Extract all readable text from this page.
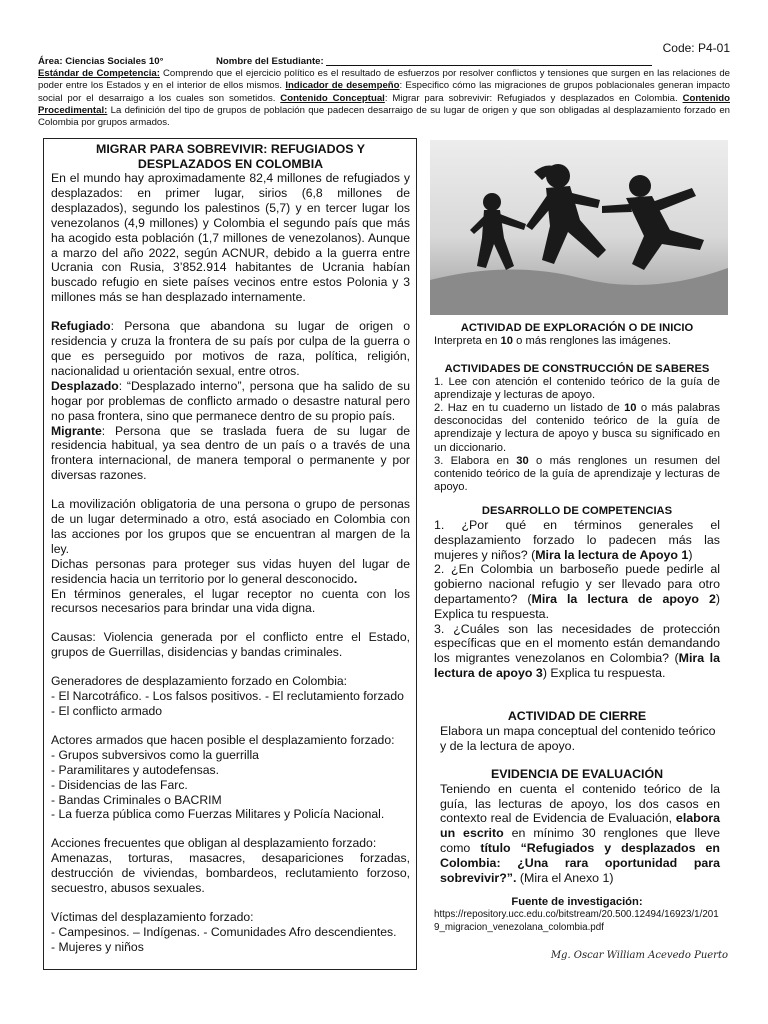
Code: P4-01
Área: Ciencias Sociales 10°	Nombre del Estudiante:
Estándar de Competencia: Comprendo que el ejercicio político es el resultado de esfuerzos por resolver conflictos y tensiones que surgen en las relaciones de poder entre los Estados y en el interior de ellos mismos. Indicador de desempeño: Especifico cómo las migraciones de grupos poblacionales generan impacto social por el desarraigo a los cuales son sometidos. Contenido Conceptual: Migrar para sobrevivir: Refugiados y desplazados en Colombia. Contenido Procedimental: La definición del tipo de grupos de población que padecen desarraigo de su lugar de origen y que son obligadas al desplazamiento forzado en Colombia por grupos armados.
MIGRAR PARA SOBREVIVIR: REFUGIADOS Y DESPLAZADOS EN COLOMBIA

En el mundo hay aproximadamente 82,4 millones de refugiados y desplazados: en primer lugar, sirios (6,8 millones de desplazados), segundo los palestinos (5,7) y en tercer lugar los venezolanos (4,9 millones) y Colombia el segundo país que más ha acogido esta población (1,7 millones de venezolanos). Aunque a marzo del año 2022, según ACNUR, debido a la guerra entre Ucrania con Rusia, 3’852.914 habitantes de Ucrania habían buscado refugio en siete países vecinos entre estos Polonia y 3 millones más se han desplazado internamente.

Refugiado: Persona que abandona su lugar de origen o residencia y cruza la frontera de su país por culpa de la guerra o que es perseguido por motivos de raza, política, religión, nacionalidad u orientación sexual, entre otros.

Desplazado: “Desplazado interno”, persona que ha salido de su hogar por problemas de conflicto armado o desastre natural pero no pasa frontera, sino que permanece dentro de su propio país.

Migrante: Persona que se traslada fuera de su lugar de residencia habitual, ya sea dentro de un país o a través de una frontera internacional, de manera temporal o permanente y por diversas razones.

La movilización obligatoria de una persona o grupo de personas de un lugar determinado a otro, está asociado en Colombia con las acciones por los grupos que se encuentran al margen de la ley.

Dichas personas para proteger sus vidas huyen del lugar de residencia hacia un territorio por lo general desconocido.

En términos generales, el lugar receptor no cuenta con los recursos necesarios para brindar una vida digna.

Causas: Violencia generada por el conflicto entre el Estado, grupos de Guerrillas, disidencias y bandas criminales.

Generadores de desplazamiento forzado en Colombia:

- El Narcotráfico. - Los falsos positivos. - El reclutamiento forzado

- El conflicto armado

Actores armados que hacen posible el desplazamiento forzado:

- Grupos subversivos como la guerrilla

- Paramilitares y autodefensas.

- Disidencias de las Farc.

- Bandas Criminales o BACRIM

- La fuerza pública como Fuerzas Militares y Policía Nacional.

Acciones frecuentes que obligan al desplazamiento forzado:

Amenazas, torturas, masacres, desapariciones forzadas, destrucción de viviendas, bombardeos, reclutamiento forzoso, secuestro, abusos sexuales.

Víctimas del desplazamiento forzado:

- Campesinos. – Indígenas. - Comunidades Afro descendientes.

- Mujeres y niños

ACTIVIDAD DE EXPLORACIÓN O DE INICIO

Interpreta en 10 o más renglones las imágenes.

ACTIVIDADES DE CONSTRUCCIÓN DE SABERES

1. Lee con atención el contenido teórico de la guía de aprendizaje y lecturas de apoyo.

2. Haz en tu cuaderno un listado de 10 o más palabras desconocidas del contenido teórico de la guía de aprendizaje y lectura de apoyo y busca su significado en un diccionario.

3. Elabora en 30 o más renglones un resumen del contenido teórico de la guía de aprendizaje y lecturas de apoyo.

DESARROLLO DE COMPETENCIAS

1. ¿Por qué en términos generales el desplazamiento forzado lo padecen más las mujeres y niños? (Mira la lectura de Apoyo 1)

2. ¿En Colombia un barboseño puede pedirle al gobierno nacional refugio y ser llevado para otro departamento? (Mira la lectura de apoyo 2) Explica tu respuesta.

3. ¿Cuáles son las necesidades de protección específicas que en el momento están demandando los migrantes venezolanos en Colombia? (Mira la lectura de apoyo 3) Explica tu respuesta.

ACTIVIDAD DE CIERRE

Elabora un mapa conceptual del contenido teórico y de la lectura de apoyo.

EVIDENCIA DE EVALUACIÓN

Teniendo en cuenta el contenido teórico de la guía, las lecturas de apoyo, los dos casos en contexto real de Evidencia de Evaluación, elabora un escrito en mínimo 30 renglones que lleve como título “Refugiados y desplazados en Colombia: ¿Una rara oportunidad para sobrevivir?”. (Mira el Anexo 1)

Fuente de investigación:

https://repository.ucc.edu.co/bitstream/20.500.12494/16923/1/2019_migracion_venezolana_colombia.pdf

Mg. Oscar William Acevedo Puerto
